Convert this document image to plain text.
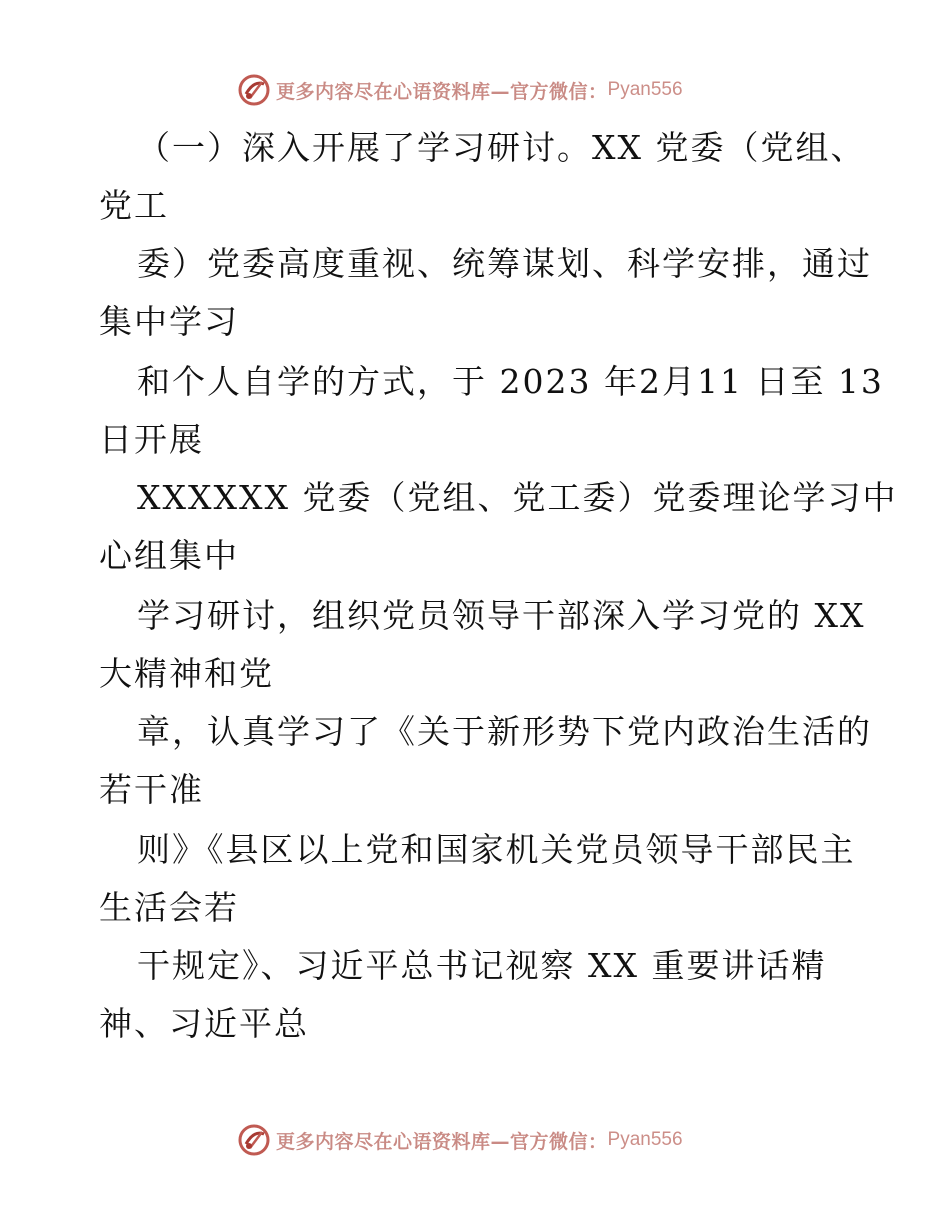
更多内容尽在心语资料库—官方微信： Pyan556
（一）深入开展了学习研讨。XX 党委（党组、
党工
委）党委高度重视、统筹谋划、科学安排，通过
集中学习
和个人自学的方式，于 2023 年2月11 日至 13
日开展
XXXXXX 党委（党组、党工委）党委理论学习中
心组集中
学习研讨，组织党员领导干部深入学习党的 XX
大精神和党
章，认真学习了《关于新形势下党内政治生活的
若干准
则》《县区以上党和国家机关党员领导干部民主
生活会若
干规定》、习近平总书记视察 XX 重要讲话精
神、习近平总
更多内容尽在心语资料库—官方微信： Pyan556
